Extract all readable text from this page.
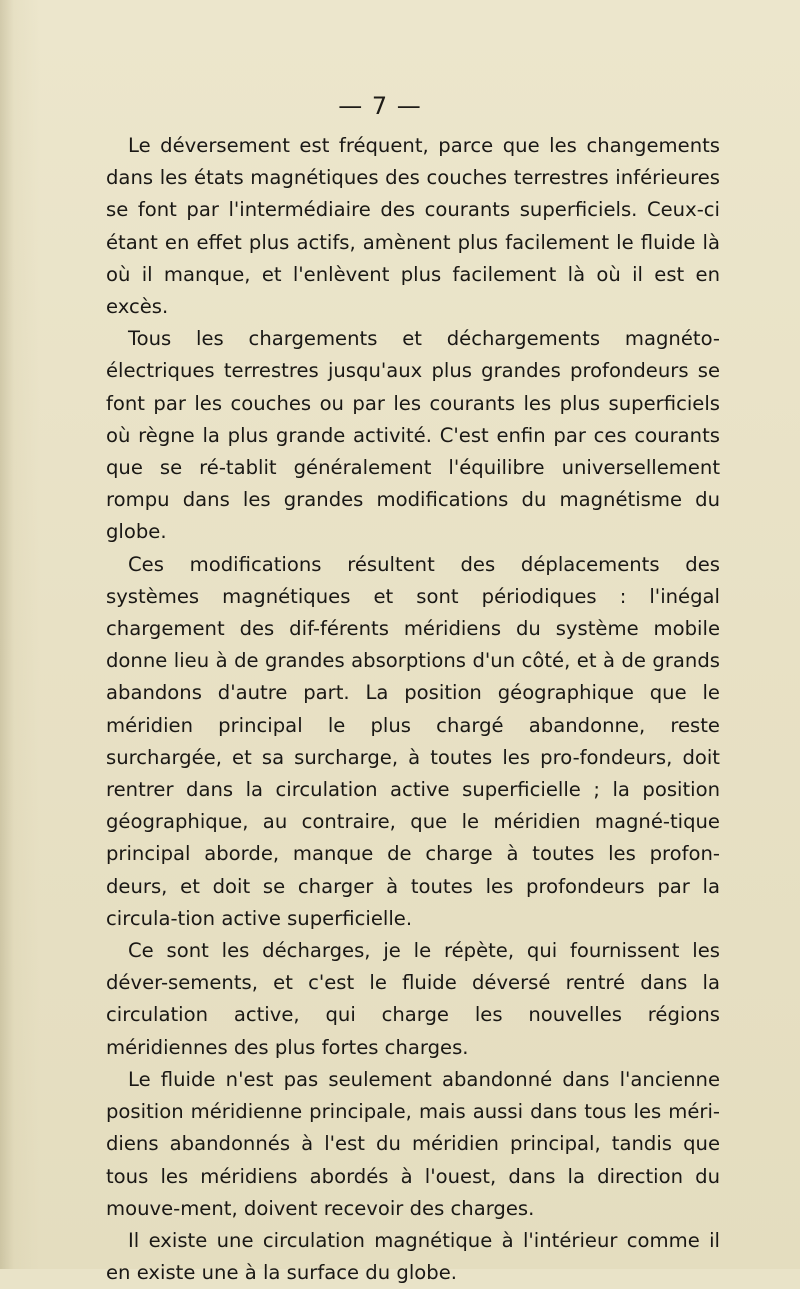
— 7 —

Le déversement est fréquent, parce que les changements dans les états magnétiques des couches terrestres inférieures se font par l'intermédiaire des courants superficiels. Ceux-ci étant en effet plus actifs, amènent plus facilement le fluide là où il manque, et l'enlèvent plus facilement là où il est en excès.

Tous les chargements et déchargements magnéto-électriques terrestres jusqu'aux plus grandes profondeurs se font par les couches ou par les courants les plus superficiels où règne la plus grande activité. C'est enfin par ces courants que se ré-tablit généralement l'équilibre universellement rompu dans les grandes modifications du magnétisme du globe.

Ces modifications résultent des déplacements des systèmes magnétiques et sont périodiques : l'inégal chargement des dif-férents méridiens du système mobile donne lieu à de grandes absorptions d'un côté, et à de grands abandons d'autre part. La position géographique que le méridien principal le plus chargé abandonne, reste surchargée, et sa surcharge, à toutes les pro-fondeurs, doit rentrer dans la circulation active superficielle ; la position géographique, au contraire, que le méridien magné-tique principal aborde, manque de charge à toutes les profon-deurs, et doit se charger à toutes les profondeurs par la circula-tion active superficielle.

Ce sont les décharges, je le répète, qui fournissent les déver-sements, et c'est le fluide déversé rentré dans la circulation active, qui charge les nouvelles régions méridiennes des plus fortes charges.

Le fluide n'est pas seulement abandonné dans l'ancienne position méridienne principale, mais aussi dans tous les méri-diens abandonnés à l'est du méridien principal, tandis que tous les méridiens abordés à l'ouest, dans la direction du mouve-ment, doivent recevoir des charges.

Il existe une circulation magnétique à l'intérieur comme il en existe une à la surface du globe.
